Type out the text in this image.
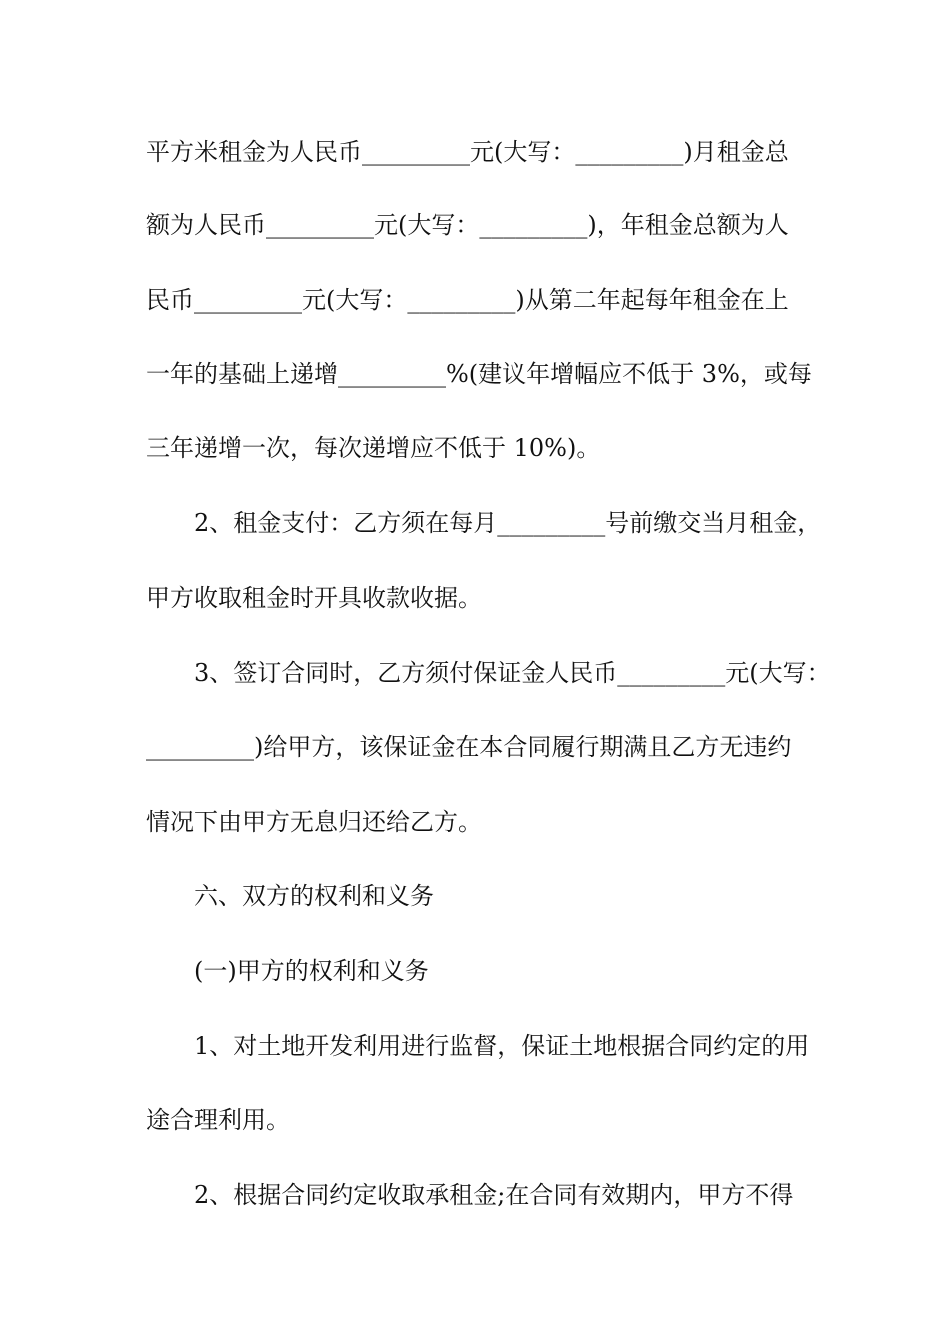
平方米租金为人民币_________元(大写：_________)月租金总
额为人民币_________元(大写：_________)，年租金总额为人
民币_________元(大写：_________)从第二年起每年租金在上
一年的基础上递增_________%(建议年增幅应不低于 3%，或每
三年递增一次，每次递增应不低于 10%)。
2、租金支付：乙方须在每月_________号前缴交当月租金，
甲方收取租金时开具收款收据。
3、签订合同时，乙方须付保证金人民币_________元(大写：
_________)给甲方，该保证金在本合同履行期满且乙方无违约
情况下由甲方无息归还给乙方。
六、双方的权利和义务
(一)甲方的权利和义务
1、对土地开发利用进行监督，保证土地根据合同约定的用
途合理利用。
2、根据合同约定收取承租金;在合同有效期内，甲方不得
